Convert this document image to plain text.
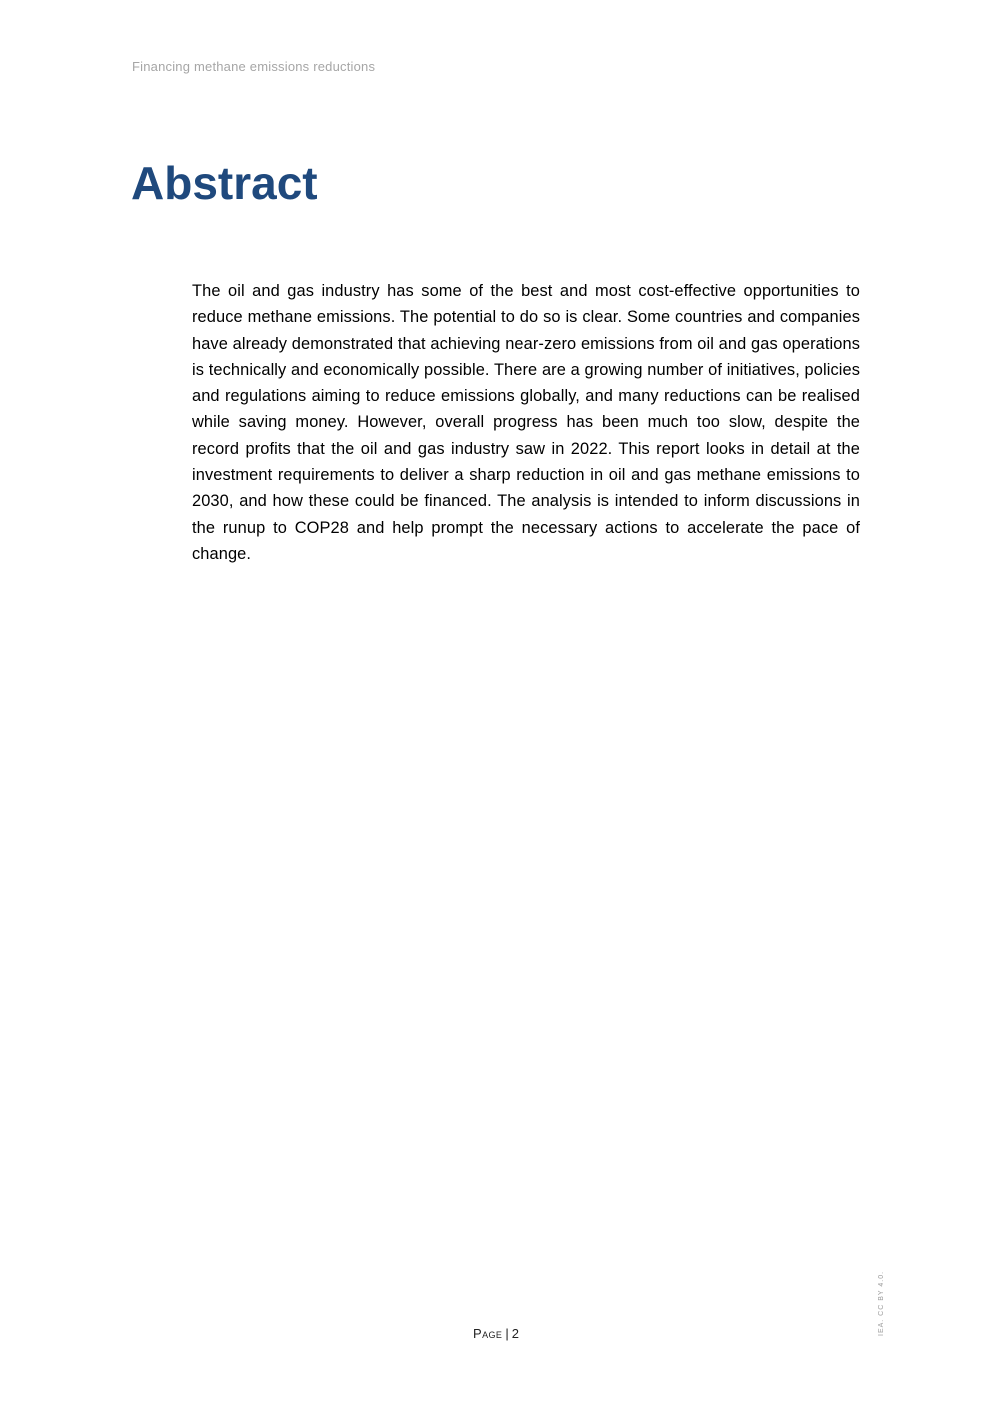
Financing methane emissions reductions
Abstract

The oil and gas industry has some of the best and most cost-effective opportunities to reduce methane emissions. The potential to do so is clear. Some countries and companies have already demonstrated that achieving near-zero emissions from oil and gas operations is technically and economically possible. There are a growing number of initiatives, policies and regulations aiming to reduce emissions globally, and many reductions can be realised while saving money. However, overall progress has been much too slow, despite the record profits that the oil and gas industry saw in 2022. This report looks in detail at the investment requirements to deliver a sharp reduction in oil and gas methane emissions to 2030, and how these could be financed. The analysis is intended to inform discussions in the runup to COP28 and help prompt the necessary actions to accelerate the pace of change.

IEA. CC BY 4.0.
Page | 2
